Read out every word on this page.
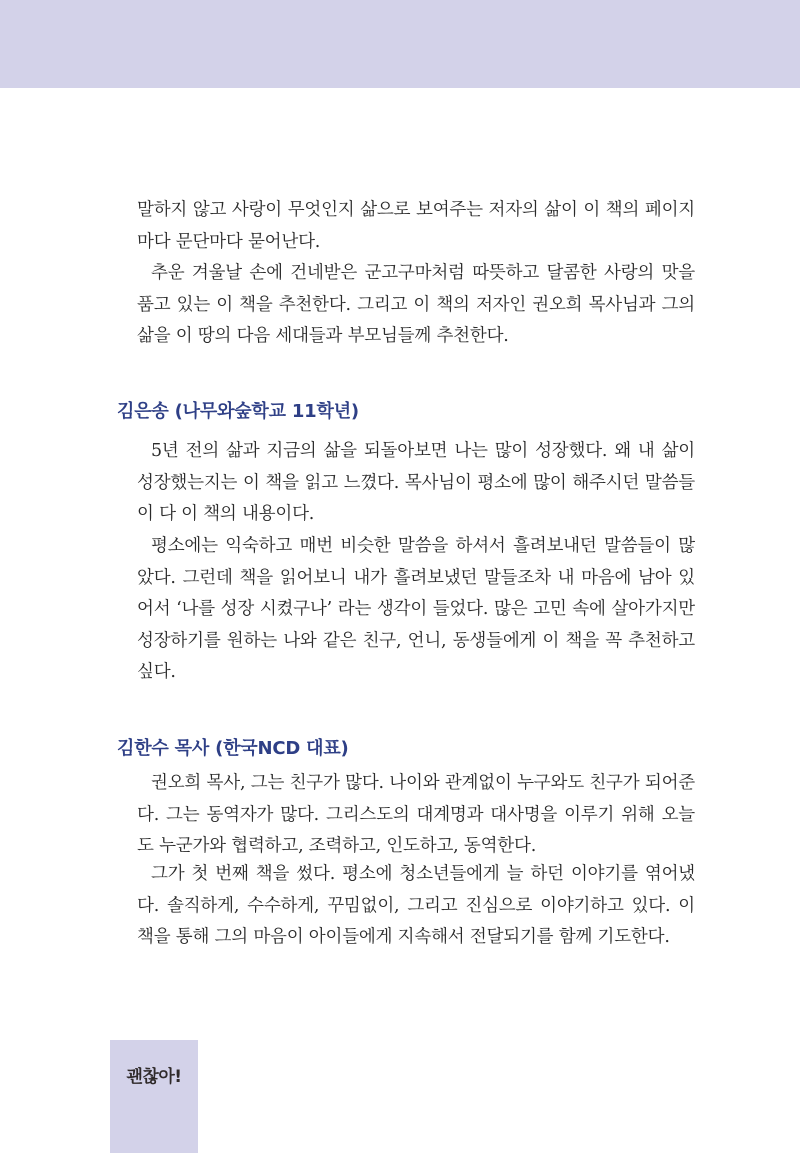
말하지 않고 사랑이 무엇인지 삶으로 보여주는 저자의 삶이 이 책의 페이지마다 문단마다 묻어난다.

추운 겨울날 손에 건네받은 군고구마처럼 따뜻하고 달콤한 사랑의 맛을 품고 있는 이 책을 추천한다. 그리고 이 책의 저자인 권오희 목사님과 그의 삶을 이 땅의 다음 세대들과 부모님들께 추천한다.

김은송 (나무와숲학교 11학년)

5년 전의 삶과 지금의 삶을 되돌아보면 나는 많이 성장했다. 왜 내 삶이 성장했는지는 이 책을 읽고 느꼈다. 목사님이 평소에 많이 해주시던 말씀들이 다 이 책의 내용이다.

평소에는 익숙하고 매번 비슷한 말씀을 하셔서 흘려보내던 말씀들이 많았다. 그런데 책을 읽어보니 내가 흘려보냈던 말들조차 내 마음에 남아 있어서 ‘나를 성장 시켰구나’ 라는 생각이 들었다. 많은 고민 속에 살아가지만 성장하기를 원하는 나와 같은 친구, 언니, 동생들에게 이 책을 꼭 추천하고 싶다.

김한수 목사 (한국NCD 대표)

권오희 목사, 그는 친구가 많다. 나이와 관계없이 누구와도 친구가 되어준다. 그는 동역자가 많다. 그리스도의 대계명과 대사명을 이루기 위해 오늘도 누군가와 협력하고, 조력하고, 인도하고, 동역한다.

그가 첫 번째 책을 썼다. 평소에 청소년들에게 늘 하던 이야기를 엮어냈다. 솔직하게, 수수하게, 꾸밈없이, 그리고 진심으로 이야기하고 있다. 이 책을 통해 그의 마음이 아이들에게 지속해서 전달되기를 함께 기도한다.

괜찮아!
